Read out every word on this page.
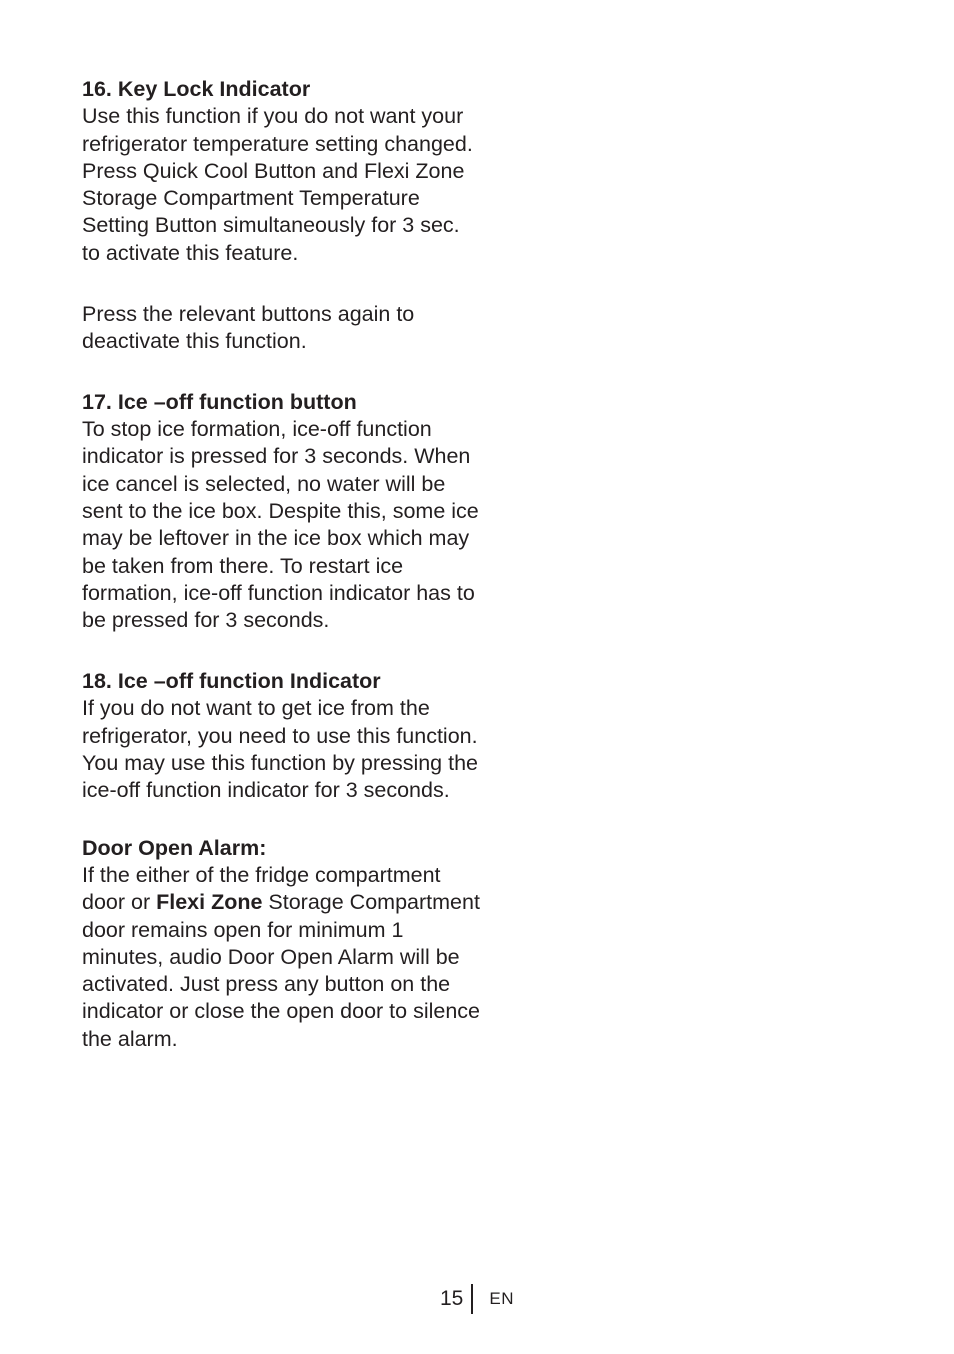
16. Key Lock Indicator
Use this function if you do not want your refrigerator temperature setting changed. Press Quick Cool Button and Flexi Zone Storage Compartment Temperature Setting Button simultaneously for 3 sec. to activate this feature.
Press the relevant buttons again to deactivate this function.
17. Ice –off function button
To stop ice formation, ice-off function indicator is pressed for 3 seconds. When ice cancel is selected, no water will be sent to the ice box. Despite this, some ice may be leftover in the ice box which may be taken from there. To restart ice formation, ice-off function indicator has to be pressed for 3 seconds.
18. Ice –off function Indicator
If you do not want to get ice from the refrigerator, you need to use this function. You may use this function by pressing the ice-off function indicator for 3 seconds.
Door Open Alarm:
If the either of the fridge compartment door or Flexi Zone Storage Compartment door remains open for minimum 1 minutes, audio Door Open Alarm will be activated. Just press any button on the indicator or close the open door to silence the alarm.
15 EN
